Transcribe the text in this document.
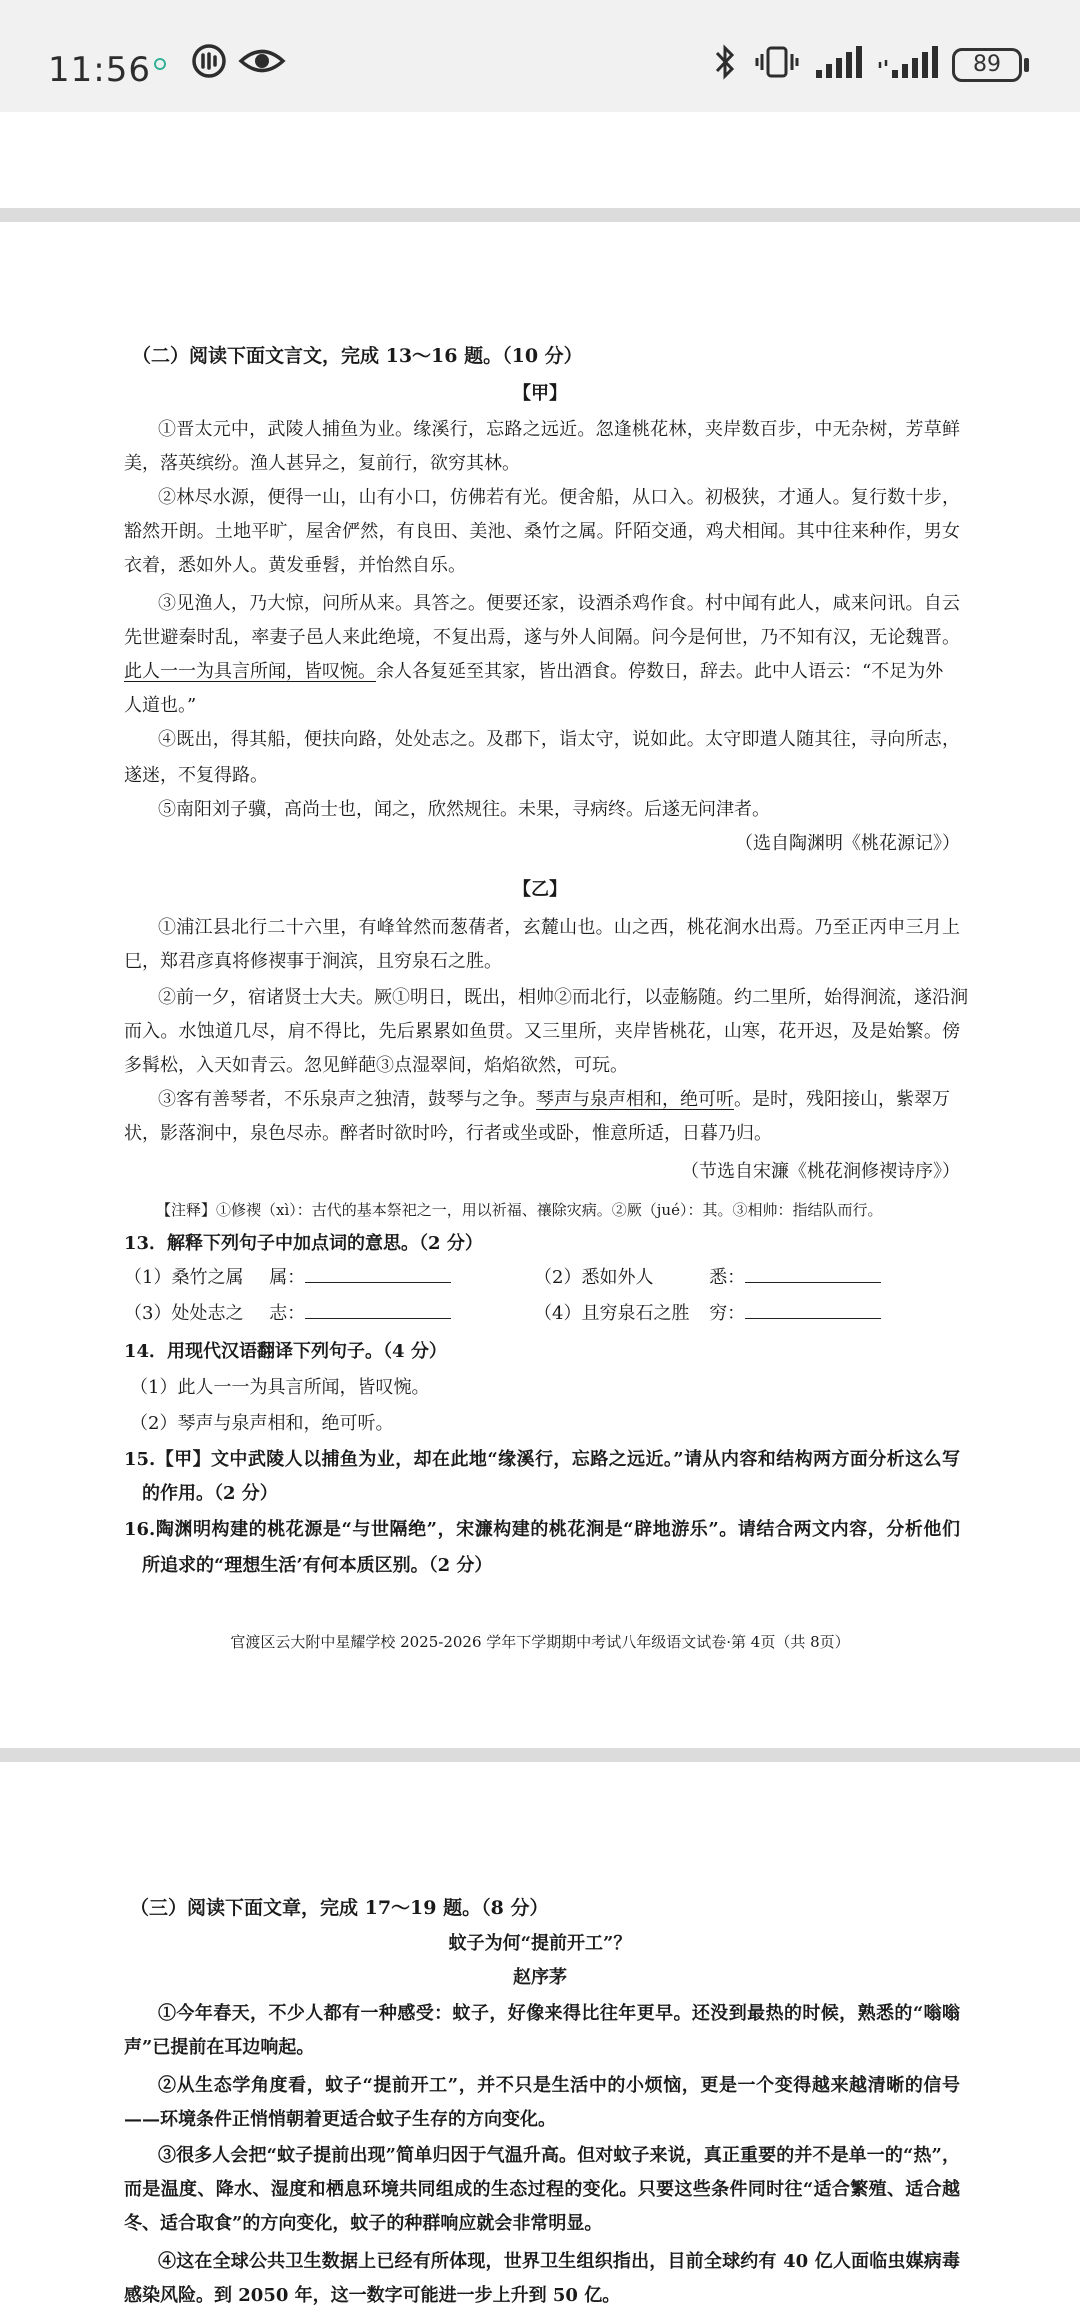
11:56	89
（二）阅读下面文言文，完成 13～16 题。（10 分）
【甲】
①晋太元中，武陵人捕鱼为业。缘溪行，忘路之远近。忽逢桃花林，夹岸数百步，中无杂树，芳草鲜
美，落英缤纷。渔人甚异之，复前行，欲穷其林。
②林尽水源，便得一山，山有小口，仿佛若有光。便舍船，从口入。初极狭，才通人。复行数十步，
豁然开朗。土地平旷，屋舍俨然，有良田、美池、桑竹之属。阡陌交通，鸡犬相闻。其中往来种作，男女
衣着，悉如外人。黄发垂髫，并怡然自乐。
③见渔人，乃大惊，问所从来。具答之。便要还家，设酒杀鸡作食。村中闻有此人，咸来问讯。自云
先世避秦时乱，率妻子邑人来此绝境，不复出焉，遂与外人间隔。问今是何世，乃不知有汉，无论魏晋。
此人一一为具言所闻，皆叹惋。余人各复延至其家，皆出酒食。停数日，辞去。此中人语云：“不足为外
人道也。”
④既出，得其船，便扶向路，处处志之。及郡下，诣太守，说如此。太守即遣人随其往，寻向所志，
遂迷，不复得路。
⑤南阳刘子骥，高尚士也，闻之，欣然规往。未果，寻病终。后遂无问津者。
（选自陶渊明《桃花源记》）
【乙】
①浦江县北行二十六里，有峰耸然而葱蒨者，玄麓山也。山之西，桃花涧水出焉。乃至正丙申三月上
巳，郑君彦真将修禊事于涧滨，且穷泉石之胜。
②前一夕，宿诸贤士大夫。厥①明日，既出，相帅②而北行，以壶觞随。约二里所，始得涧流，遂沿涧
而入。水蚀道几尽，肩不得比，先后累累如鱼贯。又三里所，夹岸皆桃花，山寒，花开迟，及是始繁。傍
多髯松，入天如青云。忽见鲜葩③点湿翠间，焰焰欲然，可玩。
③客有善琴者，不乐泉声之独清，鼓琴与之争。琴声与泉声相和，绝可听。是时，残阳接山，紫翠万
状，影落涧中，泉色尽赤。醉者时欲时吟，行者或坐或卧，惟意所适，日暮乃归。
（节选自宋濂《桃花涧修禊诗序》）
【注释】①修禊（xì）：古代的基本祭祀之一，用以祈福、禳除灾病。②厥（jué）：其。③相帅：指结队而行。
13．解释下列句子中加点词的意思。（2 分）
（1）桑竹之属 属：	（2）悉如外人	悉：
（3）处处志之 志：	（4）且穷泉石之胜 穷：
14．用现代汉语翻译下列句子。（4 分）
（1）此人一一为具言所闻，皆叹惋。
（2）琴声与泉声相和，绝可听。
15.【甲】文中武陵人以捕鱼为业，却在此地“缘溪行，忘路之远近。”请从内容和结构两方面分析这么写
的作用。（2 分）
16.陶渊明构建的桃花源是“与世隔绝”，宋濂构建的桃花涧是“辟地游乐”。请结合两文内容，分析他们
所追求的“理想生活’有何本质区别。（2 分）
官渡区云大附中星耀学校 2025-2026 学年下学期期中考试八年级语文试卷·第 4页（共 8页）
（三）阅读下面文章，完成 17～19 题。（8 分）
蚊子为何“提前开工”？
赵序茅
①今年春天，不少人都有一种感受：蚊子，好像来得比往年更早。还没到最热的时候，熟悉的“嗡嗡
声”已提前在耳边响起。
②从生态学角度看，蚊子“提前开工”，并不只是生活中的小烦恼，更是一个变得越来越清晰的信号
——环境条件正悄悄朝着更适合蚊子生存的方向变化。
③很多人会把“蚊子提前出现”简单归因于气温升高。但对蚊子来说，真正重要的并不是单一的“热”，
而是温度、降水、湿度和栖息环境共同组成的生态过程的变化。只要这些条件同时往“适合繁殖、适合越
冬、适合取食”的方向变化，蚊子的种群响应就会非常明显。
④这在全球公共卫生数据上已经有所体现，世界卫生组织指出，目前全球约有 40 亿人面临虫媒病毒
感染风险。到 2050 年，这一数字可能进一步上升到 50 亿。
